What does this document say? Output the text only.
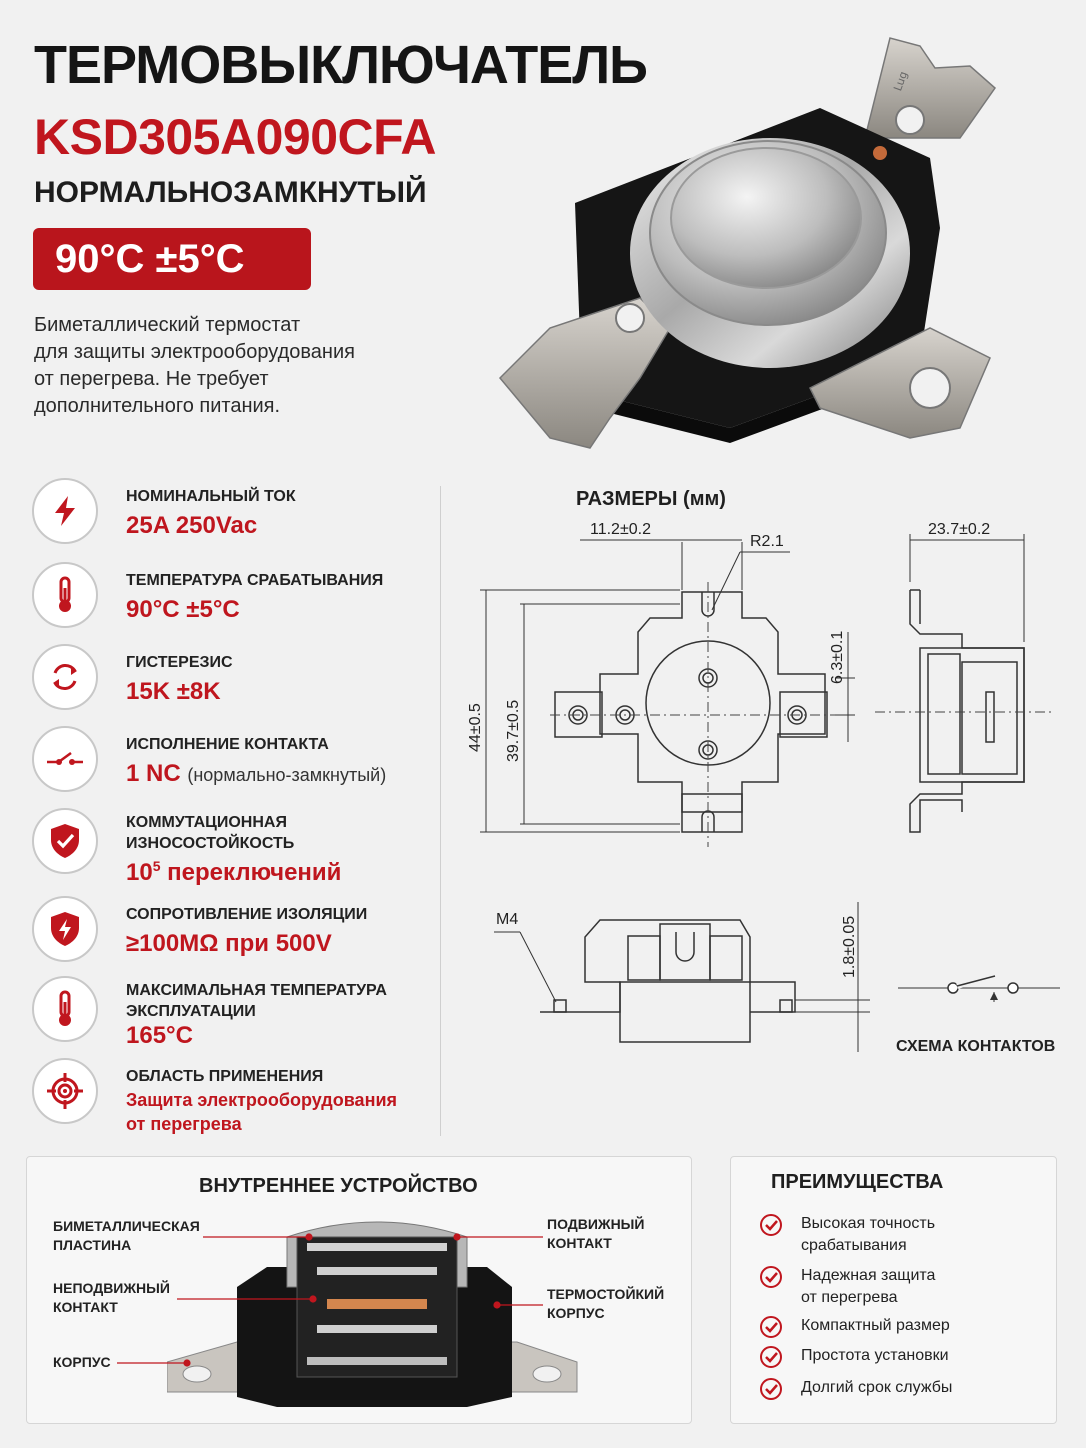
ТЕРМОВЫКЛЮЧАТЕЛЬ
KSD305A090CFA
НОРМАЛЬНОЗАМКНУТЫЙ
90°C ±5°C
Биметаллический термостат
для защиты электрооборудования
от перегрева. Не требует
дополнительного питания.
Lug
НОМИНАЛЬНЫЙ ТОК
25A 250Vac
ТЕМПЕРАТУРА СРАБАТЫВАНИЯ
90°C ±5°C
ГИСТЕРЕЗИС
15K ±8K
ИСПОЛНЕНИЕ КОНТАКТА
1 NC (нормально-замкнутый)
КОММУТАЦИОННАЯ
ИЗНОСОСТОЙКОСТЬ
$10^5$ переключений
СОПРОТИВЛЕНИЕ ИЗОЛЯЦИИ
≥100MΩ при 500V
МАКСИМАЛЬНАЯ ТЕМПЕРАТУРА
ЭКСПЛУАТАЦИИ
165°C
ОБЛАСТЬ ПРИМЕНЕНИЯ
Защита электрооборудования
от перегрева
РАЗМЕРЫ (мм)
11.2±0.2
R2.1
44±0.5 39.7±0.5
6.3±0.1
23.7±0.2
M4	1.8±0.05
СХЕМА КОНТАКТОВ
ВНУТРЕННЕЕ УСТРОЙСТВО
БИМЕТАЛЛИЧЕСКАЯ
ПЛАСТИНА
НЕПОДВИЖНЫЙ
КОНТАКТ
КОРПУС
ПОДВИЖНЫЙ
КОНТАКТ
ТЕРМОСТОЙКИЙ
КОРПУС
ПРЕИМУЩЕСТВА
Высокая точность
срабатывания
Надежная защита
от перегрева
Компактный размер
Простота установки
Долгий срок службы
